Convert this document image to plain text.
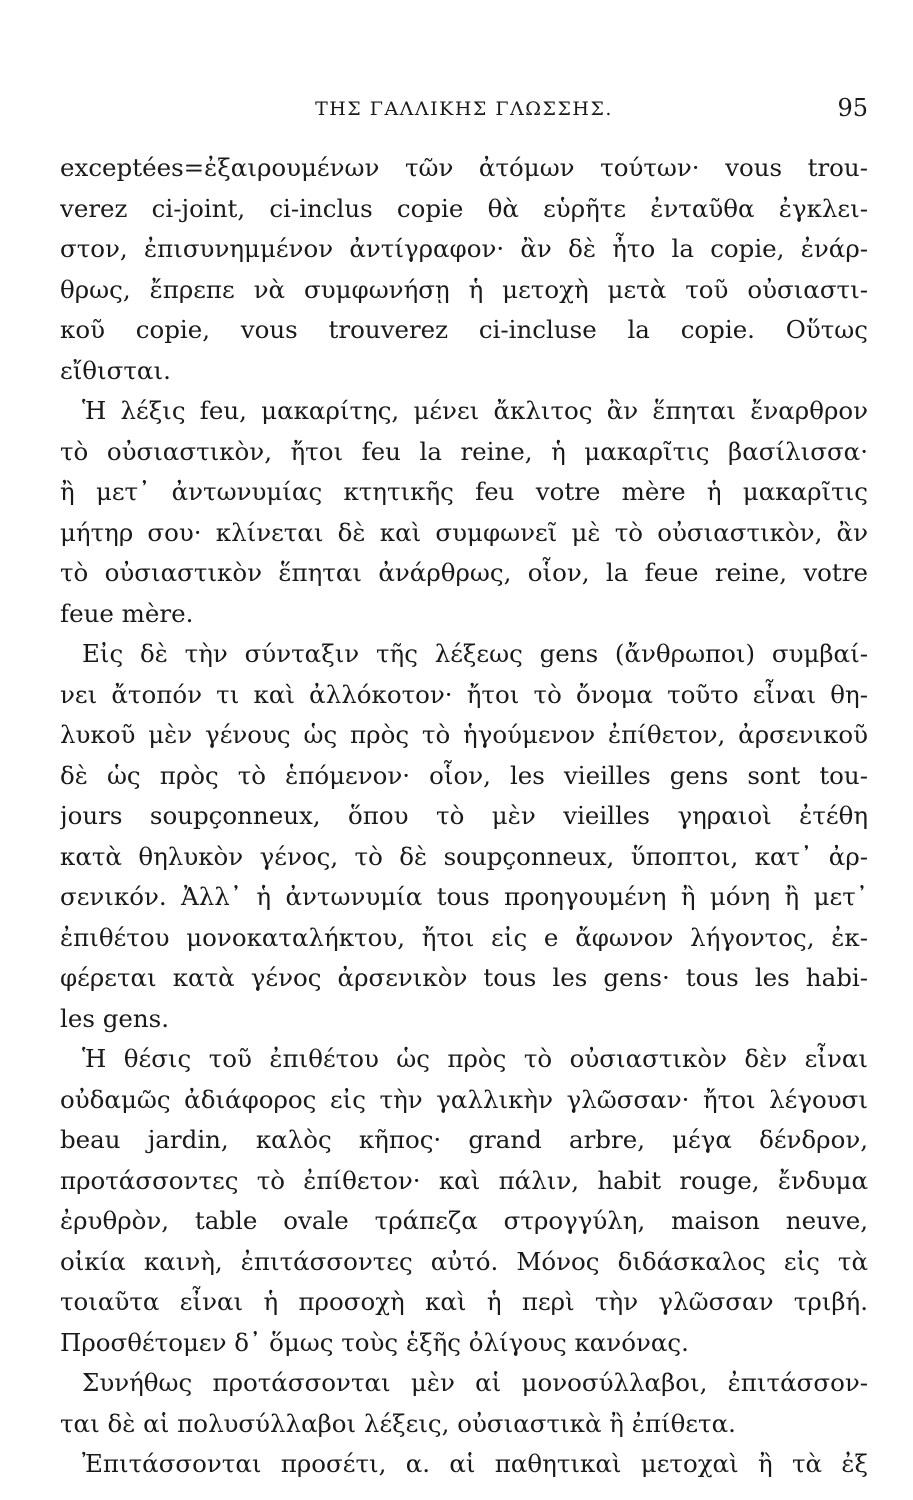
ΤΗΣ ΓΑΛΛΙΚΗΣ ΓΛΩΣΣΗΣ.	95
exceptées=ἐξαιρουμένων τῶν ἀτόμων τούτων· vous trou-
verez ci-joint, ci-inclus copie θὰ εὑρῆτε ἐνταῦθα ἐγκλει-
στον, ἐπισυνημμένον ἀντίγραφον· ἂν δὲ ἦτο la copie, ἐνάρ-
θρως, ἔπρεπε νὰ συμφωνήσῃ ἡ μετοχὴ μετὰ τοῦ οὐσιαστι-
κοῦ copie, vous trouverez ci-incluse la copie. Οὕτως
εἴθισται.
Ἡ λέξις feu, μακαρίτης, μένει ἄκλιτος ἂν ἕπηται ἔναρθρον
τὸ οὐσιαστικὸν, ἤτοι feu la reine, ἡ μακαρῖτις βασίλισσα·
ἢ μετ᾽ ἀντωνυμίας κτητικῆς feu votre mère ἡ μακαρῖτις
μήτηρ σου· κλίνεται δὲ καὶ συμφωνεῖ μὲ τὸ οὐσιαστικὸν, ἂν
τὸ οὐσιαστικὸν ἕπηται ἀνάρθρως, οἷον, la feue reine, votre
feue mère.
Εἰς δὲ τὴν σύνταξιν τῆς λέξεως gens (ἄνθρωποι) συμβαί-
νει ἄτοπόν τι καὶ ἀλλόκοτον· ἤτοι τὸ ὄνομα τοῦτο εἶναι θη-
λυκοῦ μὲν γένους ὡς πρὸς τὸ ἡγούμενον ἐπίθετον, ἀρσενικοῦ
δὲ ὡς πρὸς τὸ ἑπόμενον· οἷον, les vieilles gens sont tou-
jours soupçonneux, ὅπου τὸ μὲν vieilles γηραιοὶ ἐτέθη
κατὰ θηλυκὸν γένος, τὸ δὲ soupçonneux, ὕποπτοι, κατ᾽ ἀρ-
σενικόν. Ἀλλ᾽ ἡ ἀντωνυμία tous προηγουμένη ἢ μόνη ἢ μετ᾽
ἐπιθέτου μονοκαταλήκτου, ἤτοι εἰς e ἄφωνον λήγοντος, ἐκ-
φέρεται κατὰ γένος ἀρσενικὸν tous les gens· tous les habi-
les gens.
Ἡ θέσις τοῦ ἐπιθέτου ὡς πρὸς τὸ οὐσιαστικὸν δὲν εἶναι
οὐδαμῶς ἀδιάφορος εἰς τὴν γαλλικὴν γλῶσσαν· ἤτοι λέγουσι
beau jardin, καλὸς κῆπος· grand arbre, μέγα δένδρον,
προτάσσοντες τὸ ἐπίθετον· καὶ πάλιν, habit rouge, ἔνδυμα
ἐρυθρὸν, table ovale τράπεζα στρογγύλη, maison neuve,
οἰκία καινὴ, ἐπιτάσσοντες αὐτό. Μόνος διδάσκαλος εἰς τὰ
τοιαῦτα εἶναι ἡ προσοχὴ καὶ ἡ περὶ τὴν γλῶσσαν τριβή.
Προσθέτομεν δ᾽ ὅμως τοὺς ἑξῆς ὀλίγους κανόνας.
Συνήθως προτάσσονται μὲν αἱ μονοσύλλαβοι, ἐπιτάσσον-
ται δὲ αἱ πολυσύλλαβοι λέξεις, οὐσιαστικὰ ἢ ἐπίθετα.
Ἐπιτάσσονται προσέτι, α. αἱ παθητικαὶ μετοχαὶ ἢ τὰ ἐξ
